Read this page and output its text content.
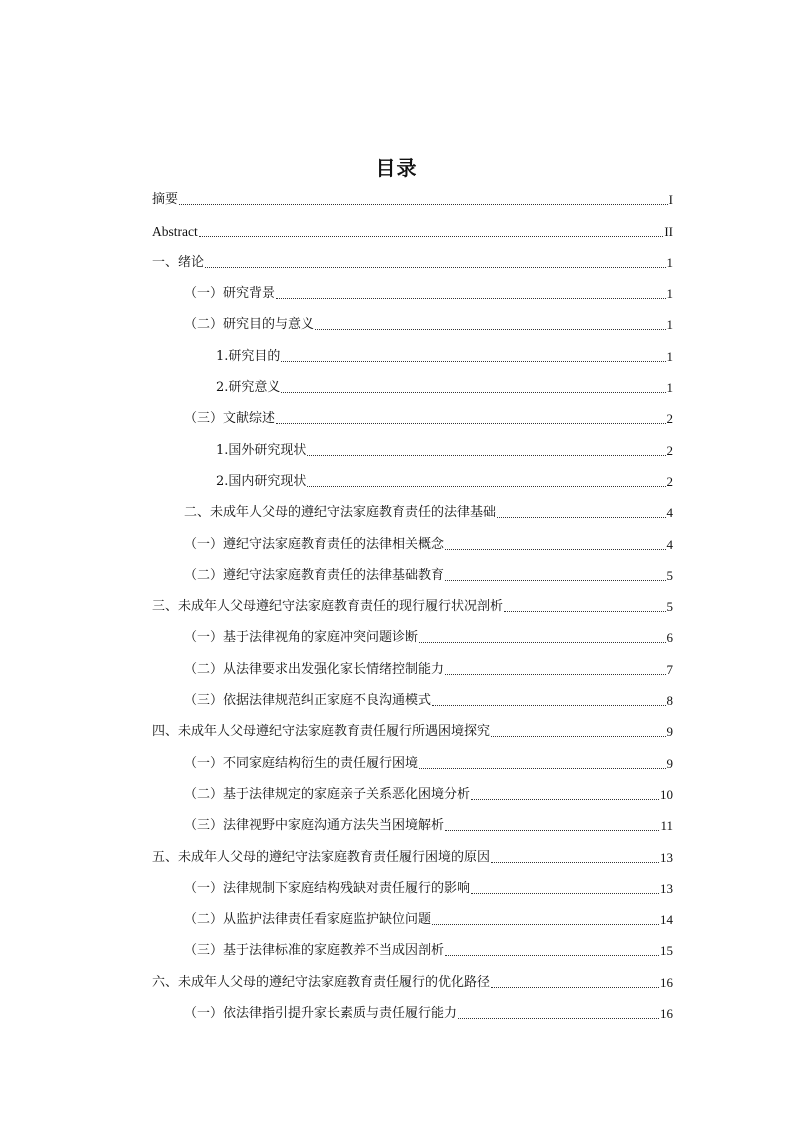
目录
摘要	I
Abstract	II
一、绪论	1
（一）研究背景	1
（二）研究目的与意义	1
1.研究目的	1
2.研究意义	1
（三）文献综述	2
1.国外研究现状	2
2.国内研究现状	2
二、未成年人父母的遵纪守法家庭教育责任的法律基础	4
（一）遵纪守法家庭教育责任的法律相关概念	4
（二）遵纪守法家庭教育责任的法律基础教育	5
三、未成年人父母遵纪守法家庭教育责任的现行履行状况剖析	5
（一）基于法律视角的家庭冲突问题诊断	6
（二）从法律要求出发强化家长情绪控制能力	7
（三）依据法律规范纠正家庭不良沟通模式	8
四、未成年人父母遵纪守法家庭教育责任履行所遇困境探究	9
（一）不同家庭结构衍生的责任履行困境	9
（二）基于法律规定的家庭亲子关系恶化困境分析	10
（三）法律视野中家庭沟通方法失当困境解析	11
五、未成年人父母的遵纪守法家庭教育责任履行困境的原因	13
（一）法律规制下家庭结构残缺对责任履行的影响	13
（二）从监护法律责任看家庭监护缺位问题	14
（三）基于法律标准的家庭教养不当成因剖析	15
六、未成年人父母的遵纪守法家庭教育责任履行的优化路径	16
（一）依法律指引提升家长素质与责任履行能力	16
